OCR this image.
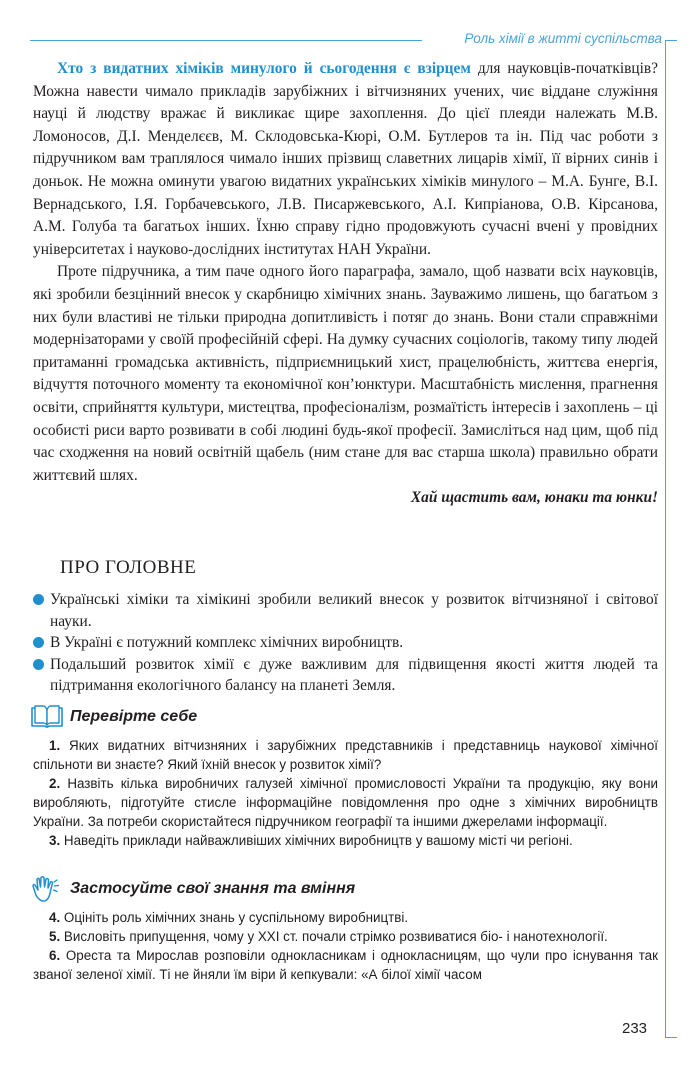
Роль хімії в житті суспільства

Хто з видатних хіміків минулого й сьогодення є взірцем для науковців-початківців? Можна навести чимало прикладів зарубіжних і вітчизняних учених, чиє віддане служіння науці й людству вражає й викликає щире захоплення. До цієї плеяди належать М.В. Ломоносов, Д.І. Менделєєв, М. Склодовська-Кюрі, О.М. Бутлеров та ін. Під час роботи з підручником вам траплялося чимало інших прізвищ славетних лицарів хімії, її вірних синів і доньок. Не можна оминути увагою видатних українських хіміків минулого – М.А. Бунге, В.І. Вернадського, І.Я. Горбачевського, Л.В. Писаржевського, А.І. Кипріанова, О.В. Кірсанова, А.М. Голуба та багатьох інших. Їхню справу гідно продовжують сучасні вчені у провідних університетах і науково-дослідних інститутах НАН України.

Проте підручника, а тим паче одного його параграфа, замало, щоб назвати всіх науковців, які зробили безцінний внесок у скарбницю хімічних знань. Зауважимо лишень, що багатьом з них були властиві не тільки природна допитливість і потяг до знань. Вони стали справжніми модернізаторами у своїй професійній сфері. На думку сучасних соціологів, такому типу людей притаманні громадська активність, підприємницький хист, працелюбність, життєва енергія, відчуття поточного моменту та економічної кон’юнктури. Масштабність мислення, прагнення освіти, сприйняття культури, мистецтва, професіоналізм, розмаїтість інтересів і захоплень – ці особисті риси варто розвивати в собі людині будь-якої професії. Замисліться над цим, щоб під час сходження на новий освітній щабель (ним стане для вас старша школа) правильно обрати життєвий шлях.

Хай щастить вам, юнаки та юнки!

ПРО ГОЛОВНЕ
Українські хіміки та хімікині зробили великий внесок у розвиток вітчизняної і світової науки.
В Україні є потужний комплекс хімічних виробництв.
Подальший розвиток хімії є дуже важливим для підвищення якості життя людей та підтримання екологічного балансу на планеті Земля.
Перевірте себе

1. Яких видатних вітчизняних і зарубіжних представників і представниць наукової хімічної спільноти ви знаєте? Який їхній внесок у розвиток хімії?

2. Назвіть кілька виробничих галузей хімічної промисловості України та продукцію, яку вони виробляють, підготуйте стисле інформаційне повідомлення про одне з хімічних виробництв України. За потреби скористайтеся підручником географії та іншими джерелами інформації.

3. Наведіть приклади найважливіших хімічних виробництв у вашому місті чи регіоні.

Застосуйте свої знання та вміння

4. Оцініть роль хімічних знань у суспільному виробництві.

5. Висловіть припущення, чому у ХХІ ст. почали стрімко розвиватися біо- і нанотехнології.

6. Ореста та Мирослав розповіли однокласникам і однокласницям, що чули про існування так званої зеленої хімії. Ті не йняли їм віри й кепкували: «А білої хімії часом

233
